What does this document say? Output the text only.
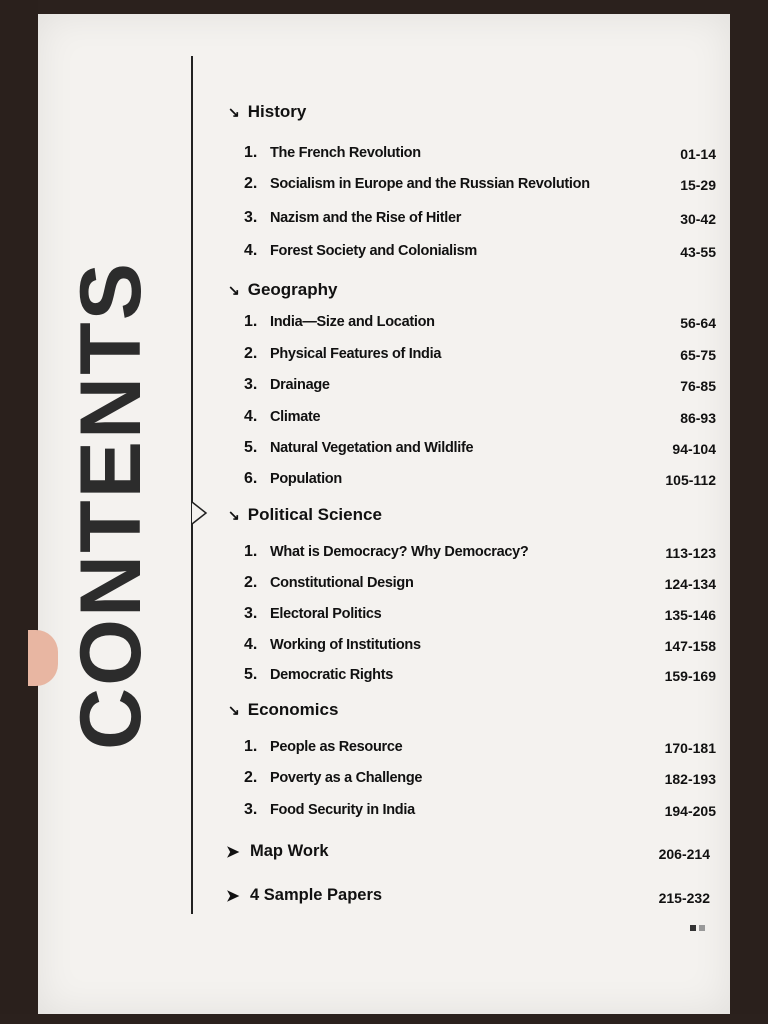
CONTENTS
↘ History
1. The French Revolution	01-14
2. Socialism in Europe and the Russian Revolution	15-29
3. Nazism and the Rise of Hitler	30-42
4. Forest Society and Colonialism	43-55
↘ Geography
1. India—Size and Location	56-64
2. Physical Features of India	65-75
3. Drainage	76-85
4. Climate	86-93
5. Natural Vegetation and Wildlife	94-104
6. Population	105-112
↘ Political Science
1. What is Democracy? Why Democracy?	113-123
2. Constitutional Design	124-134
3. Electoral Politics	135-146
4. Working of Institutions	147-158
5. Democratic Rights	159-169
↘ Economics
1. People as Resource	170-181
2. Poverty as a Challenge	182-193
3. Food Security in India	194-205
➤ Map Work	206-214
➤ 4 Sample Papers	215-232
